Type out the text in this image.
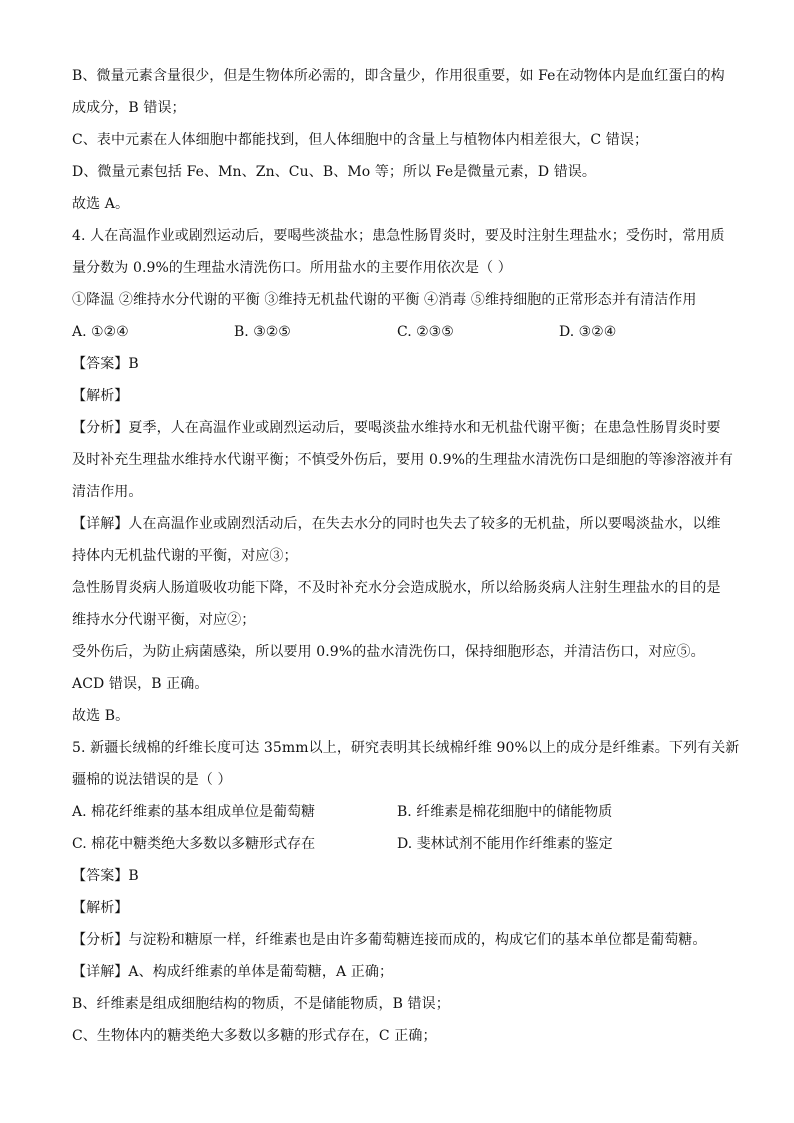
B、微量元素含量很少，但是生物体所必需的，即含量少，作用很重要，如 Fe在动物体内是血红蛋白的构
成成分，B 错误；
C、表中元素在人体细胞中都能找到，但人体细胞中的含量上与植物体内相差很大，C 错误；
D、微量元素包括 Fe、Mn、Zn、Cu、B、Mo 等；所以 Fe是微量元素，D 错误。
故选 A。
4. 人在高温作业或剧烈运动后，要喝些淡盐水；患急性肠胃炎时，要及时注射生理盐水；受伤时，常用质
量分数为 0.9%的生理盐水清洗伤口。所用盐水的主要作用依次是（ ）
①降温 ②维持水分代谢的平衡 ③维持无机盐代谢的平衡 ④消毒 ⑤维持细胞的正常形态并有清洁作用
A. ①②④	B. ③②⑤	C. ②③⑤	D. ③②④
【答案】B
【解析】
【分析】夏季，人在高温作业或剧烈运动后，要喝淡盐水维持水和无机盐代谢平衡；在患急性肠胃炎时要
及时补充生理盐水维持水代谢平衡；不慎受外伤后，要用 0.9%的生理盐水清洗伤口是细胞的等渗溶液并有
清洁作用。
【详解】人在高温作业或剧烈活动后，在失去水分的同时也失去了较多的无机盐，所以要喝淡盐水，以维
持体内无机盐代谢的平衡，对应③；
急性肠胃炎病人肠道吸收功能下降，不及时补充水分会造成脱水，所以给肠炎病人注射生理盐水的目的是
维持水分代谢平衡，对应②；
受外伤后，为防止病菌感染，所以要用 0.9%的盐水清洗伤口，保持细胞形态，并清洁伤口，对应⑤。
ACD 错误，B 正确。
故选 B。
5. 新疆长绒棉的纤维长度可达 35mm以上，研究表明其长绒棉纤维 90%以上的成分是纤维素。下列有关新
疆棉的说法错误的是（ ）
A. 棉花纤维素的基本组成单位是葡萄糖	B. 纤维素是棉花细胞中的储能物质
C. 棉花中糖类绝大多数以多糖形式存在	D. 斐林试剂不能用作纤维素的鉴定
【答案】B
【解析】
【分析】与淀粉和糖原一样，纤维素也是由许多葡萄糖连接而成的，构成它们的基本单位都是葡萄糖。
【详解】A、构成纤维素的单体是葡萄糖，A 正确；
B、纤维素是组成细胞结构的物质，不是储能物质，B 错误；
C、生物体内的糖类绝大多数以多糖的形式存在，C 正确；
